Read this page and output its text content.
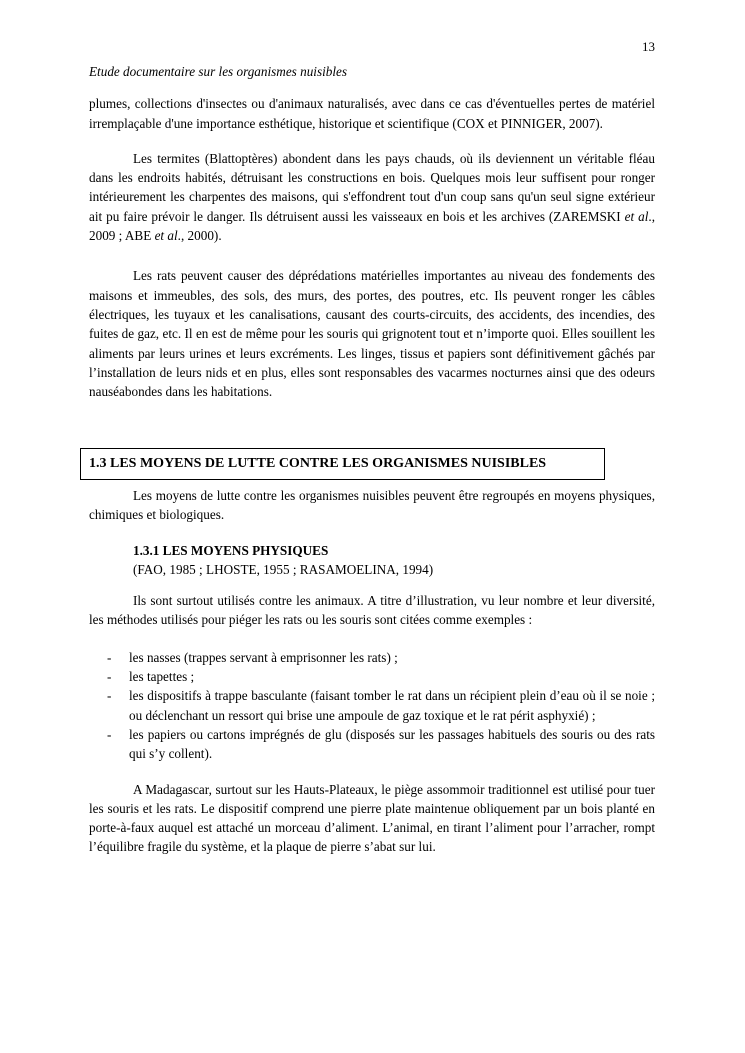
13
Etude documentaire sur les organismes nuisibles

plumes, collections d'insectes ou d'animaux naturalisés, avec dans ce cas d'éventuelles pertes de matériel irremplaçable d'une importance esthétique, historique et scientifique (COX et PINNIGER, 2007).

Les termites (Blattoptères) abondent dans les pays chauds, où ils deviennent un véritable fléau dans les endroits habités, détruisant les constructions en bois. Quelques mois leur suffisent pour ronger intérieurement les charpentes des maisons, qui s'effondrent tout d'un coup sans qu'un seul signe extérieur ait pu faire prévoir le danger. Ils détruisent aussi les vaisseaux en bois et les archives (ZAREMSKI et al., 2009 ; ABE et al., 2000).

Les rats peuvent causer des déprédations matérielles importantes au niveau des fondements des maisons et immeubles, des sols, des murs, des portes, des poutres, etc. Ils peuvent ronger les câbles électriques, les tuyaux et les canalisations, causant des courts-circuits, des accidents, des incendies, des fuites de gaz, etc. Il en est de même pour les souris qui grignotent tout et n’importe quoi. Elles souillent les aliments par leurs urines et leurs excréments. Les linges, tissus et papiers sont définitivement gâchés par l’installation de leurs nids et en plus, elles sont responsables des vacarmes nocturnes ainsi que des odeurs nauséabondes dans les habitations.

1.3 LES MOYENS DE LUTTE CONTRE LES ORGANISMES NUISIBLES

Les moyens de lutte contre les organismes nuisibles peuvent être regroupés en moyens physiques, chimiques et biologiques.

1.3.1 LES MOYENS PHYSIQUES
(FAO, 1985 ; LHOSTE, 1955 ; RASAMOELINA, 1994)

Ils sont surtout utilisés contre les animaux. A titre d’illustration, vu leur nombre et leur diversité, les méthodes utilisés pour piéger les rats ou les souris sont citées comme exemples :

- les nasses (trappes servant à emprisonner les rats) ;
- les tapettes ;
- les dispositifs à trappe basculante (faisant tomber le rat dans un récipient plein d’eau où il se noie ; ou déclenchant un ressort qui brise une ampoule de gaz toxique et le rat périt asphyxié) ;
- les papiers ou cartons imprégnés de glu (disposés sur les passages habituels des souris ou des rats qui s’y collent).

A Madagascar, surtout sur les Hauts-Plateaux, le piège assommoir traditionnel est utilisé pour tuer les souris et les rats. Le dispositif comprend une pierre plate maintenue obliquement par un bois planté en porte-à-faux auquel est attaché un morceau d’aliment. L’animal, en tirant l’aliment pour l’arracher, rompt l’équilibre fragile du système, et la plaque de pierre s’abat sur lui.
